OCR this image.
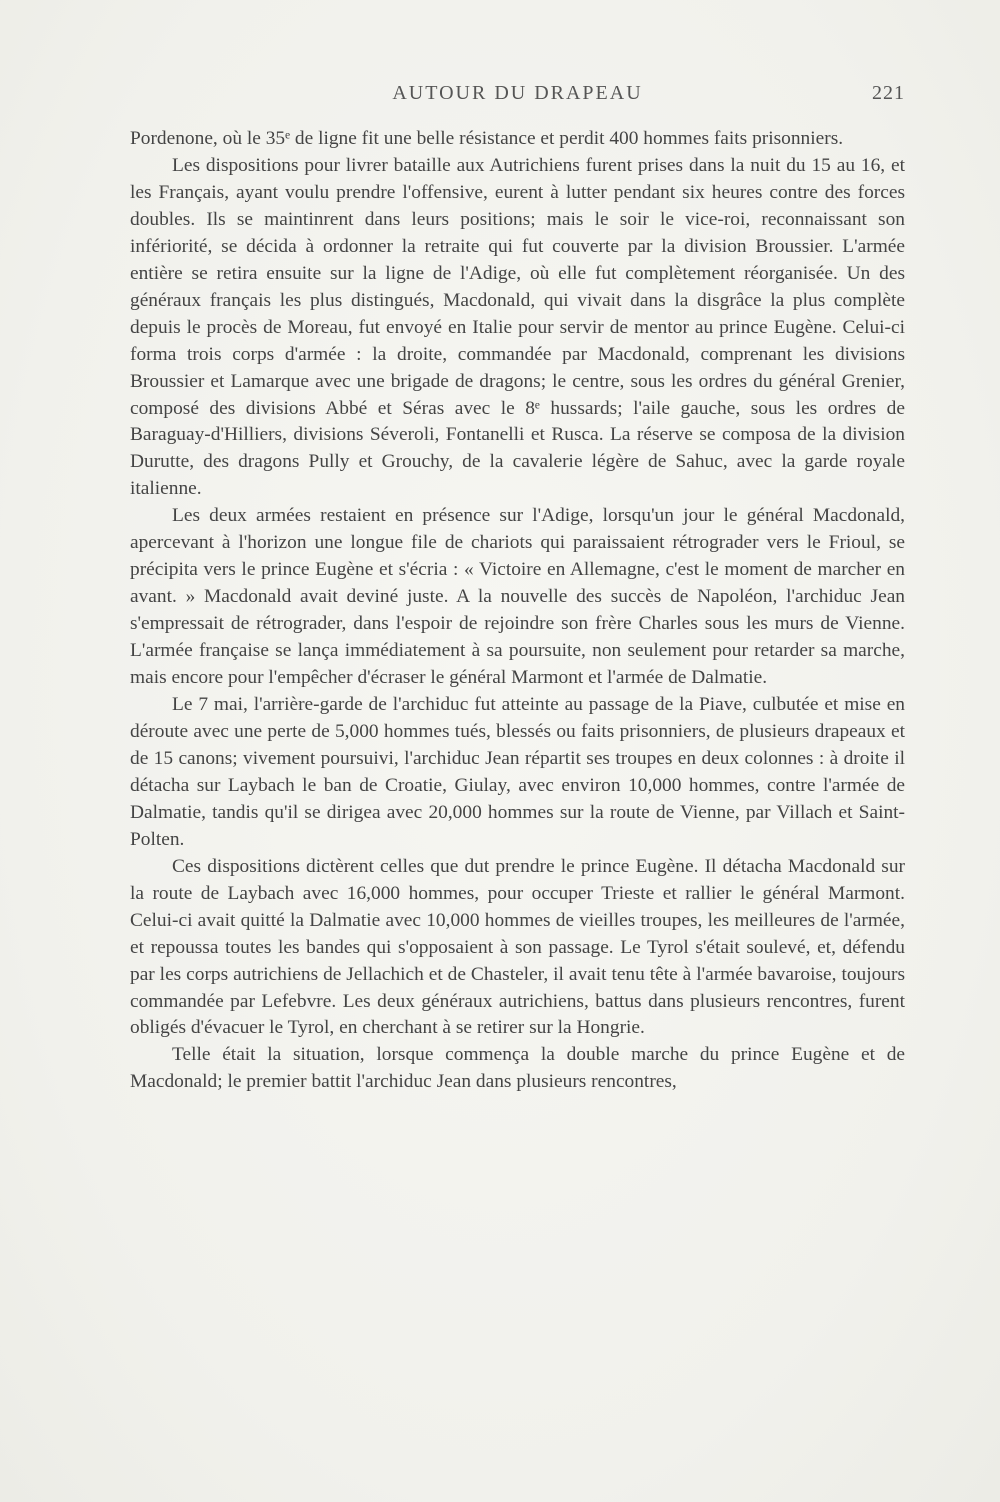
AUTOUR DU DRAPEAU	221

Pordenone, où le 35ᵉ de ligne fit une belle résistance et perdit 400 hommes faits prisonniers.

Les dispositions pour livrer bataille aux Autrichiens furent prises dans la nuit du 15 au 16, et les Français, ayant voulu prendre l'offensive, eurent à lutter pendant six heures contre des forces doubles. Ils se maintinrent dans leurs positions; mais le soir le vice-roi, reconnaissant son infériorité, se décida à ordonner la retraite qui fut couverte par la division Broussier. L'armée entière se retira ensuite sur la ligne de l'Adige, où elle fut complètement réorganisée. Un des généraux français les plus distingués, Macdonald, qui vivait dans la disgrâce la plus complète depuis le procès de Moreau, fut envoyé en Italie pour servir de mentor au prince Eugène. Celui-ci forma trois corps d'armée : la droite, commandée par Macdonald, comprenant les divisions Broussier et Lamarque avec une brigade de dragons; le centre, sous les ordres du général Grenier, composé des divisions Abbé et Séras avec le 8ᵉ hussards; l'aile gauche, sous les ordres de Baraguay-d'Hilliers, divisions Séveroli, Fontanelli et Rusca. La réserve se composa de la division Durutte, des dragons Pully et Grouchy, de la cavalerie légère de Sahuc, avec la garde royale italienne.

Les deux armées restaient en présence sur l'Adige, lorsqu'un jour le général Macdonald, apercevant à l'horizon une longue file de chariots qui paraissaient rétrograder vers le Frioul, se précipita vers le prince Eugène et s'écria : « Victoire en Allemagne, c'est le moment de marcher en avant. » Macdonald avait deviné juste. A la nouvelle des succès de Napoléon, l'archiduc Jean s'empressait de rétrograder, dans l'espoir de rejoindre son frère Charles sous les murs de Vienne. L'armée française se lança immédiatement à sa poursuite, non seulement pour retarder sa marche, mais encore pour l'empêcher d'écraser le général Marmont et l'armée de Dalmatie.

Le 7 mai, l'arrière-garde de l'archiduc fut atteinte au passage de la Piave, culbutée et mise en déroute avec une perte de 5,000 hommes tués, blessés ou faits prisonniers, de plusieurs drapeaux et de 15 canons; vivement poursuivi, l'archiduc Jean répartit ses troupes en deux colonnes : à droite il détacha sur Laybach le ban de Croatie, Giulay, avec environ 10,000 hommes, contre l'armée de Dalmatie, tandis qu'il se dirigea avec 20,000 hommes sur la route de Vienne, par Villach et Saint-Polten.

Ces dispositions dictèrent celles que dut prendre le prince Eugène. Il détacha Macdonald sur la route de Laybach avec 16,000 hommes, pour occuper Trieste et rallier le général Marmont. Celui-ci avait quitté la Dalmatie avec 10,000 hommes de vieilles troupes, les meilleures de l'armée, et repoussa toutes les bandes qui s'opposaient à son passage. Le Tyrol s'était soulevé, et, défendu par les corps autrichiens de Jellachich et de Chasteler, il avait tenu tête à l'armée bavaroise, toujours commandée par Lefebvre. Les deux généraux autrichiens, battus dans plusieurs rencontres, furent obligés d'évacuer le Tyrol, en cherchant à se retirer sur la Hongrie.

Telle était la situation, lorsque commença la double marche du prince Eugène et de Macdonald; le premier battit l'archiduc Jean dans plusieurs rencontres,
